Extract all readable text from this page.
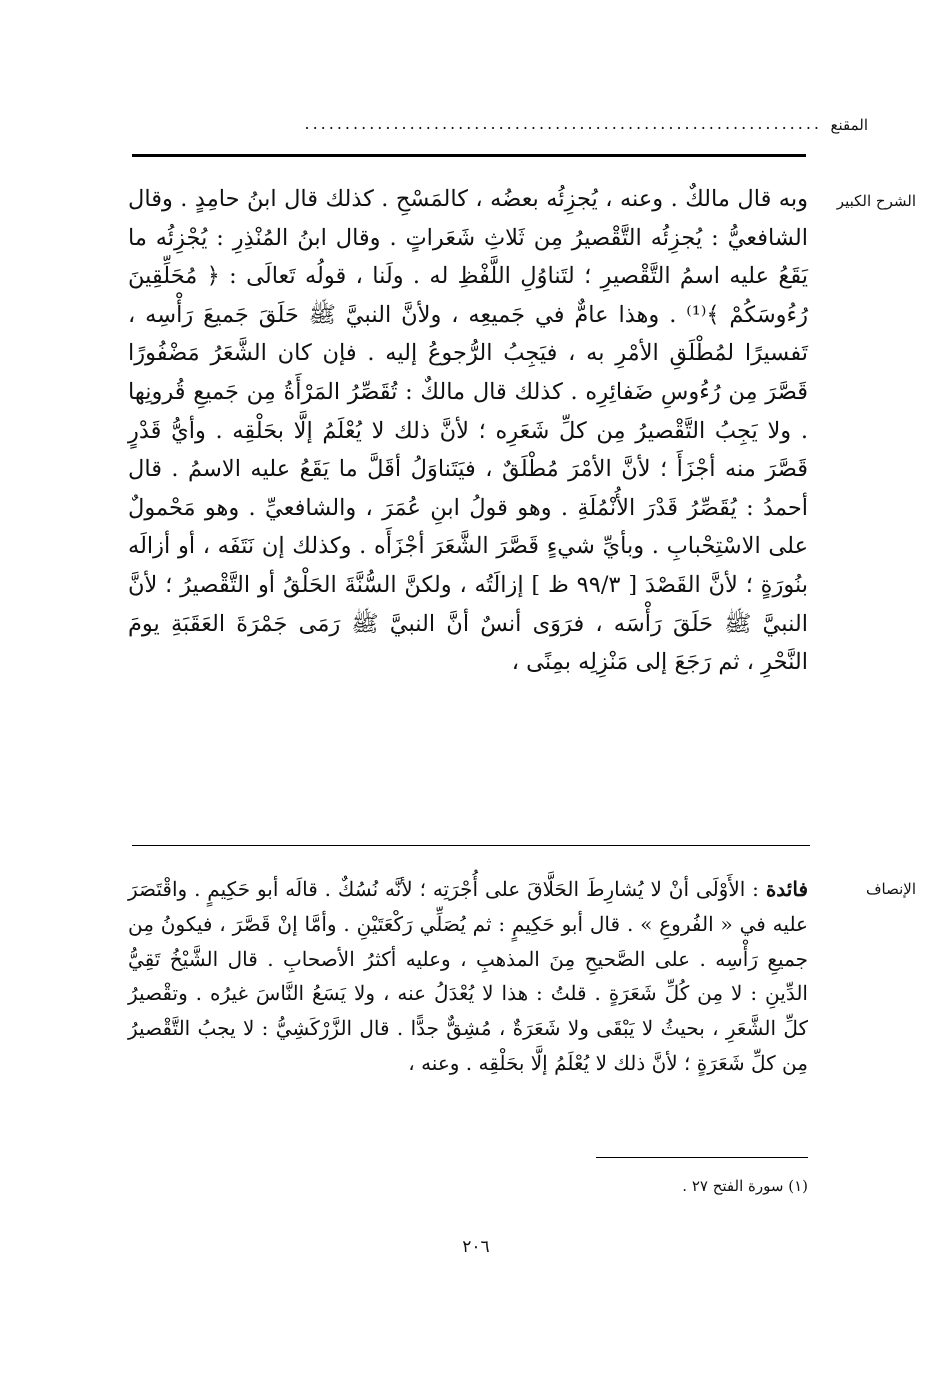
المقنع
................................................................
الشرح الكبير

وبه قال مالكٌ . وعنه ، يُجزِئُه بعضُه ، كالمَسْحِ . كذلك قال ابنُ حامِدٍ . وقال الشافعيُّ : يُجزِئُه التَّقْصيرُ مِن ثَلاثِ شَعَراتٍ . وقال ابنُ المُنْذِرِ : يُجْزِئُه ما يَقَعُ عليه اسمُ التَّقْصيرِ ؛ لتَناوُلِ اللَّفْظِ له . ولَنا ، قولُه تَعالَى : ﴿ مُحَلِّقِينَ رُءُوسَكُمْ ﴾⁽¹⁾ . وهذا عامٌّ في جَميعِه ، ولأنَّ النبيَّ ﷺ حَلَقَ جَميعَ رَأْسِه ، تَفسيرًا لمُطْلَقِ الأمْرِ به ، فيَجِبُ الرُّجوعُ إليه . فإن كان الشَّعَرُ مَضْفُورًا قَصَّرَ مِن رُءُوسِ ضَفائِرِه . كذلك قال مالكٌ : تُقَصِّرُ المَرْأَةُ مِن جَميعِ قُرونِها . ولا يَجِبُ التَّقْصيرُ مِن كلِّ شَعَرِه ؛ لأنَّ ذلك لا يُعْلَمُ إلَّا بحَلْقِه . وأيُّ قَدْرٍ قَصَّرَ منه أجْزَأَ ؛ لأنَّ الأمْرَ مُطْلَقٌ ، فيَتَناوَلُ أقَلَّ ما يَقَعُ عليه الاسمُ . قال أحمدُ : يُقَصِّرُ قَدْرَ الأُنْمُلَةِ . وهو قولُ ابنِ عُمَرَ ، والشافعيِّ . وهو مَحْمولٌ على الاسْتِحْبابِ . وبأيِّ شيءٍ قَصَّرَ الشَّعَرَ أجْزَأَه . وكذلك إن نَتَفَه ، أو أزالَه بنُورَةٍ ؛ لأنَّ القَصْدَ [ ٩٩/٣ ظ ] إزالَتُه ، ولكنَّ السُّنَّةَ الحَلْقُ أو التَّقْصيرُ ؛ لأنَّ النبيَّ ﷺ حَلَقَ رَأْسَه ، فرَوَى أنسٌ أنَّ النبيَّ ﷺ رَمَى جَمْرَةَ العَقَبَةِ يومَ النَّحْرِ ، ثم رَجَعَ إلى مَنْزِلِه بمِنًى ،

الإنصاف

فائدة : الأَوْلَى أنْ لا يُشارِطَ الحَلَّاقَ على أُجْرَتِه ؛ لأنَّه نُسُكٌ . قالَه أبو حَكِيمٍ . واقْتَصَرَ عليه في « الفُروعِ » . قال أبو حَكِيمٍ : ثم يُصَلِّي رَكْعَتَيْنِ . وأمَّا إنْ قَصَّرَ ، فيكونُ مِن جميعِ رَأْسِه . على الصَّحيحِ مِنَ المذهبِ ، وعليه أكثرُ الأصحابِ . قال الشَّيْخُ تَقِيُّ الدِّينِ : لا مِن كُلِّ شَعَرَةٍ . قلتُ : هذا لا يُعْدَلُ عنه ، ولا يَسَعُ النَّاسَ غيرُه . وتقْصيرُ كلِّ الشَّعَرِ ، بحيثُ لا يَبْقَى ولا شَعَرَةٌ ، مُشِقٌّ جدًّا . قال الزَّرْكَشِيُّ : لا يجبُ التَّقْصيرُ مِن كلِّ شَعَرَةٍ ؛ لأنَّ ذلك لا يُعْلَمُ إلَّا بحَلْقِه . وعنه ،

(١) سورة الفتح ٢٧ .
٢٠٦
